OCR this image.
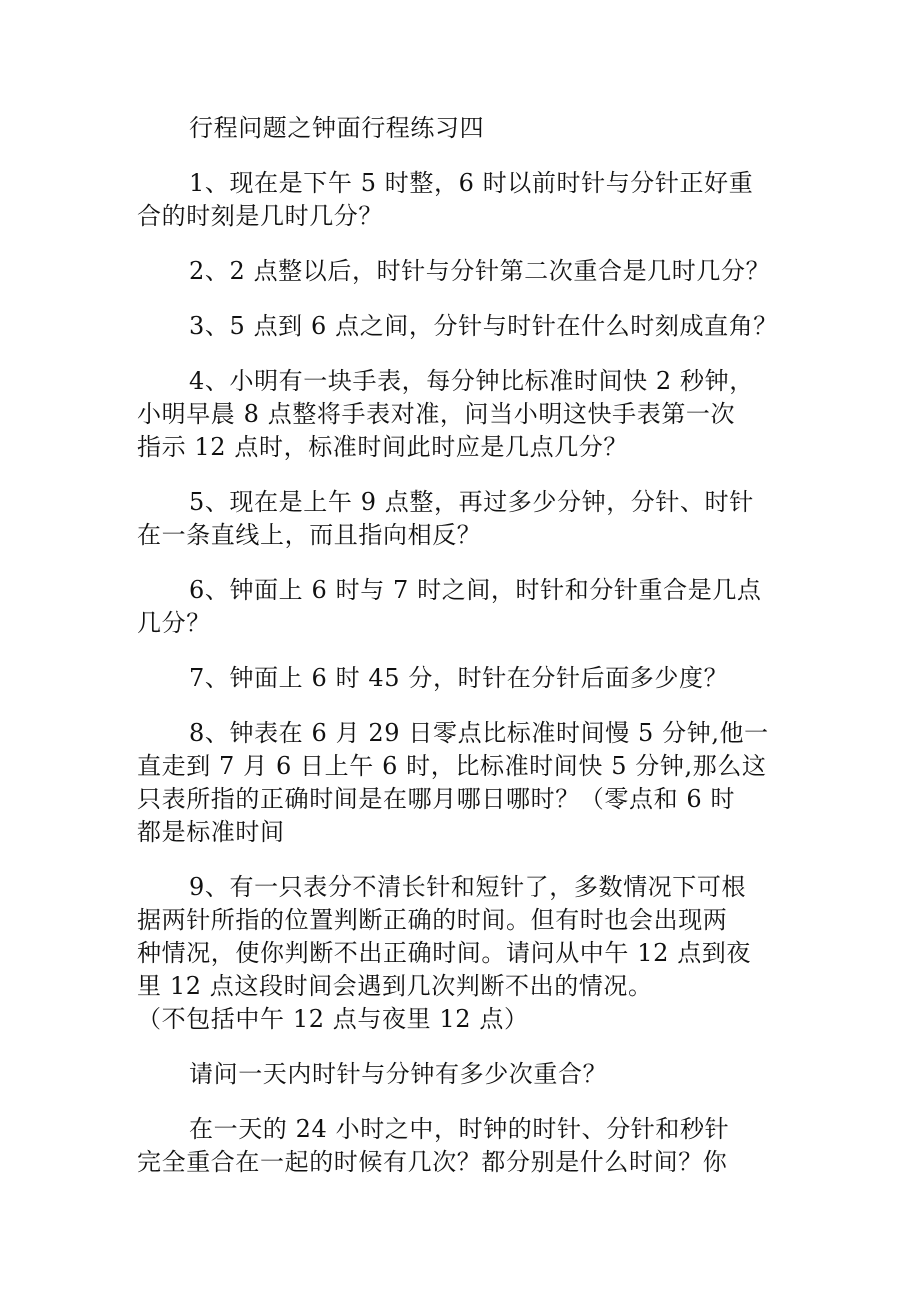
行程问题之钟面行程练习四

1、现在是下午 5 时整，6 时以前时针与分针正好重
合的时刻是几时几分？

2、2 点整以后，时针与分针第二次重合是几时几分？

3、5 点到 6 点之间，分针与时针在什么时刻成直角？

4、小明有一块手表，每分钟比标准时间快 2 秒钟，
小明早晨 8 点整将手表对准，问当小明这快手表第一次
指示 12 点时，标准时间此时应是几点几分？

5、现在是上午 9 点整，再过多少分钟，分针、时针
在一条直线上，而且指向相反？

6、钟面上 6 时与 7 时之间，时针和分针重合是几点
几分？

7、钟面上 6 时 45 分，时针在分针后面多少度？

8、钟表在 6 月 29 日零点比标准时间慢 5 分钟,他一
直走到 7 月 6 日上午 6 时，比标准时间快 5 分钟,那么这
只表所指的正确时间是在哪月哪日哪时？（零点和 6 时
都是标准时间

9、有一只表分不清长针和短针了，多数情况下可根
据两针所指的位置判断正确的时间。但有时也会出现两
种情况，使你判断不出正确时间。请问从中午 12 点到夜
里 12 点这段时间会遇到几次判断不出的情况。
（不包括中午 12 点与夜里 12 点）

请问一天内时针与分钟有多少次重合？

在一天的 24 小时之中，时钟的时针、分针和秒针
完全重合在一起的时候有几次？都分别是什么时间？你
